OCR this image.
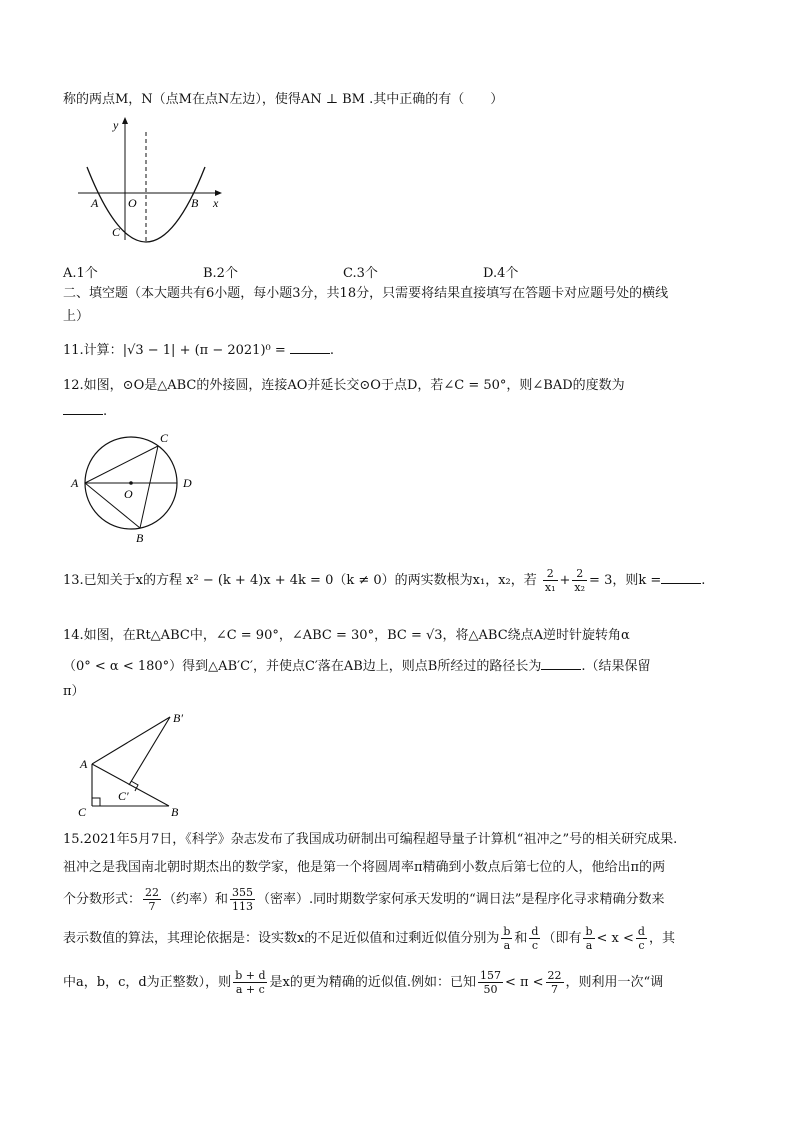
称的两点M，N（点M在点N左边），使得AN ⊥ BM .其中正确的有（　　）
y
x
A O	B
C
A.1个	B.2个	C.3个	D.4个
二、填空题（本大题共有6小题，每小题3分，共18分，只需要将结果直接填写在答题卡对应题号处的横线
上）
11.计算：|√3 − 1| + (π − 2021)⁰ =	.
12.如图，⊙O是△ABC的外接圆，连接AO并延长交⊙O于点D，若∠C = 50°，则∠BAD的度数为
.
A	D
C
B
O
13.已知关于x的方程 x² − (k + 4)x + 4k = 0（k ≠ 0）的两实数根为x₁，x₂，若 $\frac{2}{\text{x₁}} + \frac{2}{\text{x₂}} = 3$，则k =	.
14.如图，在Rt△ABC中，∠C = 90°，∠ABC = 30°，BC = √3，将△ABC绕点A逆时针旋转角α
（0° < α < 180°）得到△AB′C′，并使点C′落在AB边上，则点B所经过的路径长为	.（结果保留
π）
A
C	B
B′
C′
15.2021年5月7日，《科学》杂志发布了我国成功研制出可编程超导量子计算机“祖冲之”号的相关研究成果.
祖冲之是我国南北朝时期杰出的数学家，他是第一个将圆周率π精确到小数点后第七位的人，他给出π的两
个分数形式： $\frac{22}{7}$ （约率）和 $\frac{355}{113}$ （密率）.同时期数学家何承天发明的“调日法”是程序化寻求精确分数来
表示数值的算法，其理论依据是：设实数x的不足近似值和过剩近似值分别为 $\frac{b}{a}$ 和 $\frac{d}{c}$ （即有 $\frac{b}{a} < x < \frac{d}{c}$ ，其
中a，b，c，d为正整数），则 $\frac{b + d}{a + c}$ 是x的更为精确的近似值.例如：已知 $\frac{157}{50} < \pi < \frac{22}{7}$ ，则利用一次“调
